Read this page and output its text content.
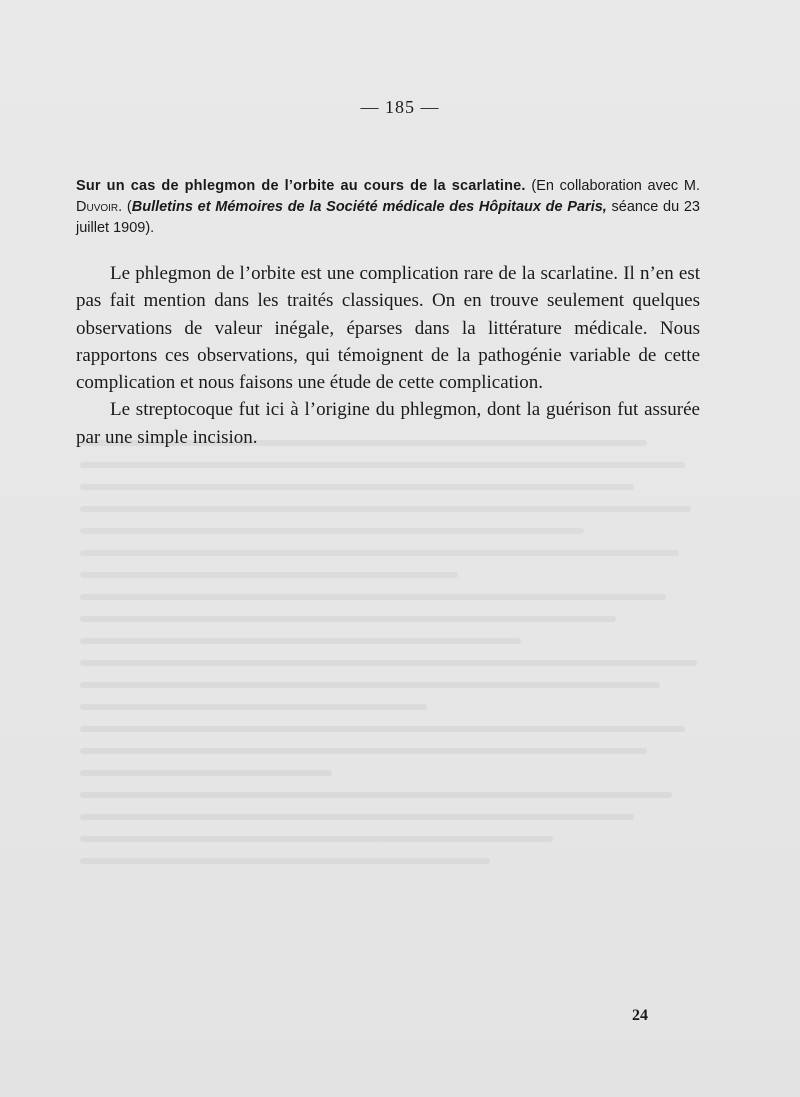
— 185 —
Sur un cas de phlegmon de l’orbite au cours de la scarlatine. (En collaboration avec M. Duvoir. (Bulletins et Mémoires de la Société médicale des Hôpitaux de Paris, séance du 23 juillet 1909).

Le phlegmon de l’orbite est une complication rare de la scarlatine. Il n’en est pas fait mention dans les traités classiques. On en trouve seulement quelques observations de valeur inégale, éparses dans la littérature médicale. Nous rapportons ces observations, qui témoignent de la pathogénie variable de cette complication et nous faisons une étude de cette complication.

Le streptocoque fut ici à l’origine du phlegmon, dont la guérison fut assurée par une simple incision.

24
